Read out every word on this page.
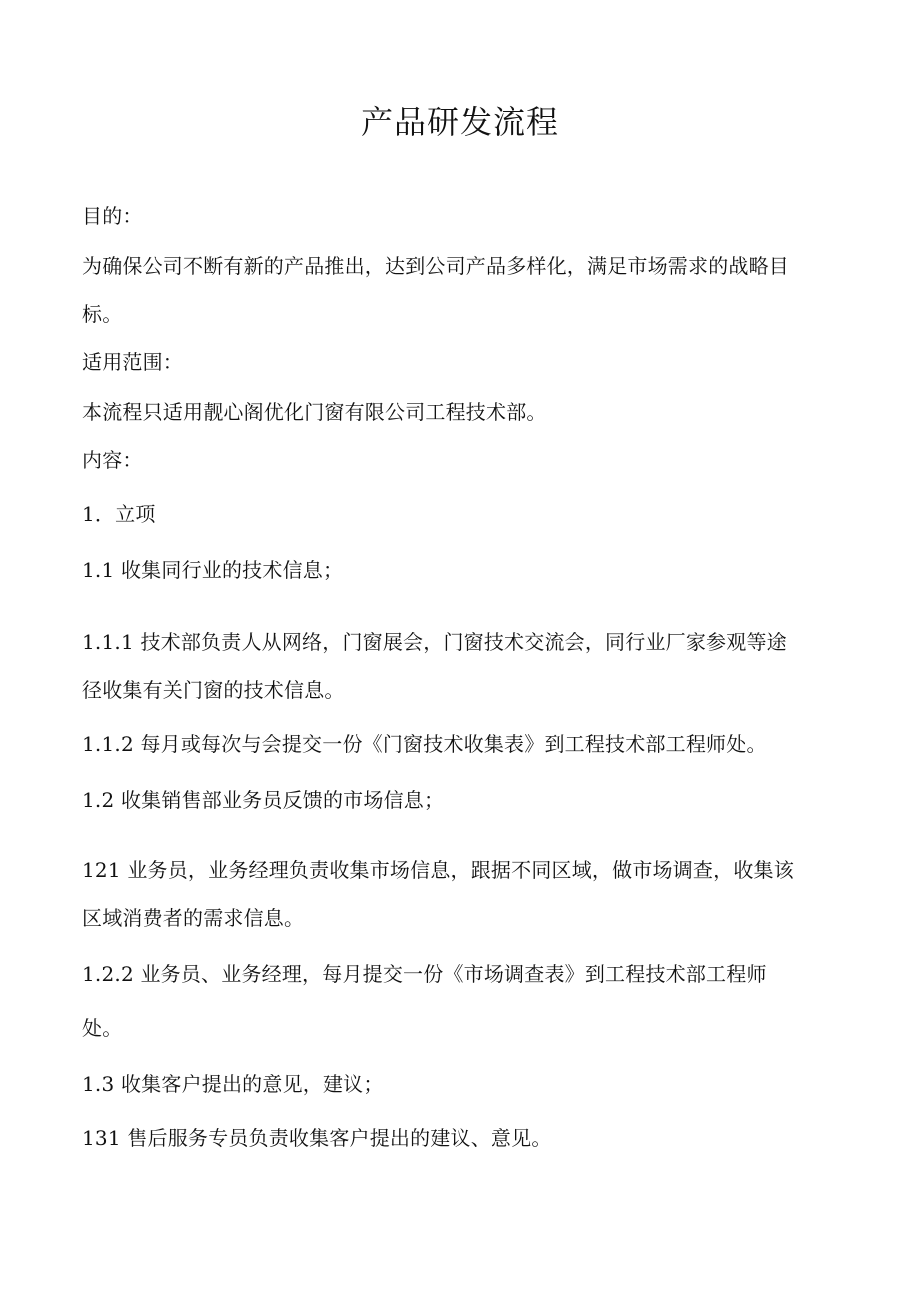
产品研发流程
目的：
为确保公司不断有新的产品推出，达到公司产品多样化，满足市场需求的战略目
标。
适用范围：
本流程只适用靓心阁优化门窗有限公司工程技术部。
内容：
1．立项
1.1 收集同行业的技术信息；
1.1.1 技术部负责人从网络，门窗展会，门窗技术交流会，同行业厂家参观等途
径收集有关门窗的技术信息。
1.1.2 每月或每次与会提交一份《门窗技术收集表》到工程技术部工程师处。
1.2 收集销售部业务员反馈的市场信息；
121 业务员，业务经理负责收集市场信息，跟据不同区域，做市场调查，收集该
区域消费者的需求信息。
1.2.2 业务员、业务经理，每月提交一份《市场调查表》到工程技术部工程师
处。
1.3 收集客户提出的意见，建议；
131 售后服务专员负责收集客户提出的建议、意见。
